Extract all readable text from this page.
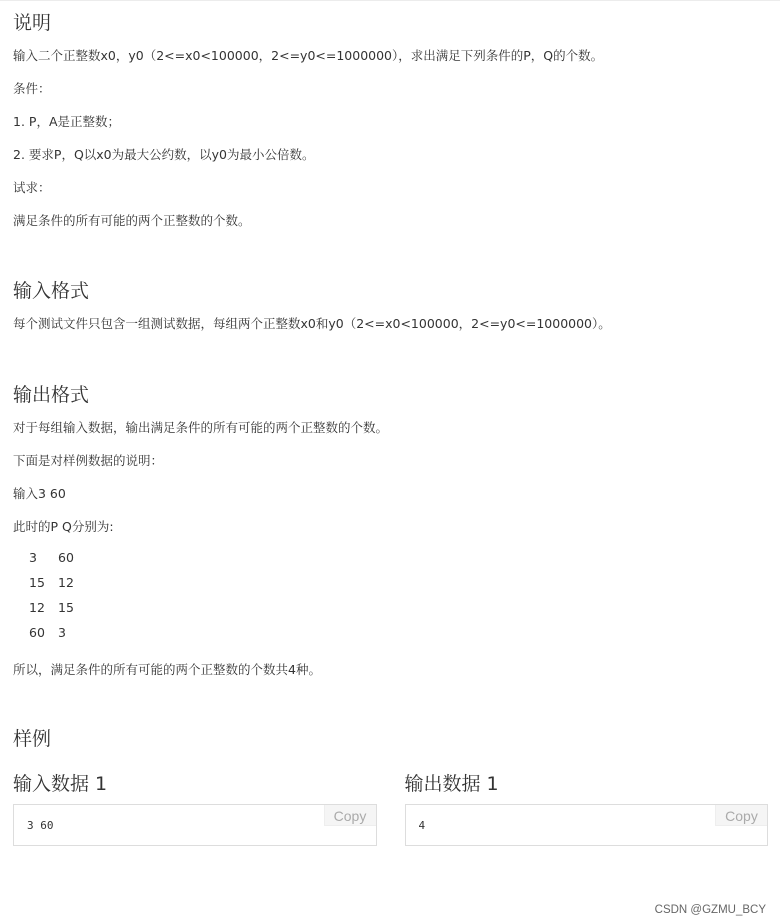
说明

输入二个正整数x0，y0（2<=x0<100000，2<=y0<=1000000），求出满足下列条件的P，Q的个数。

条件：

1. P，A是正整数；

2. 要求P，Q以x0为最大公约数，以y0为最小公倍数。

试求：

满足条件的所有可能的两个正整数的个数。

输入格式

每个测试文件只包含一组测试数据，每组两个正整数x0和y0（2<=x0<100000，2<=y0<=1000000）。

输出格式

对于每组输入数据，输出满足条件的所有可能的两个正整数的个数。

下面是对样例数据的说明：

输入3 60

此时的P Q分别为:

3	60
15	12
12	15
60	3

所以，满足条件的所有可能的两个正整数的个数共4种。

样例
输入数据 1
3 60
Copy
输出数据 1
4
Copy
CSDN @GZMU_BCY
